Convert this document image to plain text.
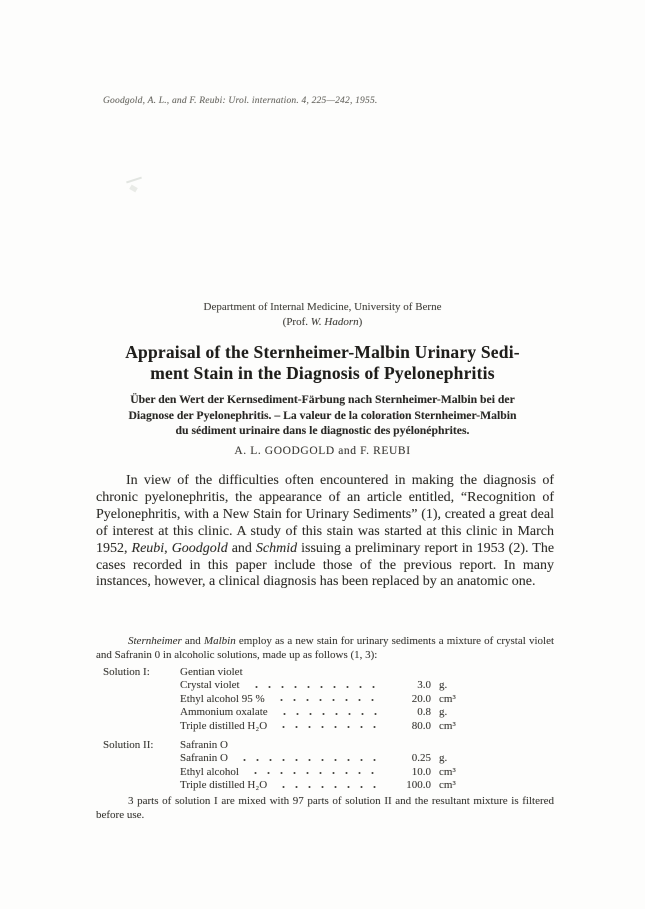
Goodgold, A. L., and F. Reubi: Urol. internation. 4, 225—242, 1955.
Department of Internal Medicine, University of Berne
(Prof. W. Hadorn)
Appraisal of the Sternheimer-Malbin Urinary Sedi-
ment Stain in the Diagnosis of Pyelonephritis
Über den Wert der Kernsediment-Färbung nach Sternheimer-Malbin bei der
Diagnose der Pyelonephritis. – La valeur de la coloration Sternheimer-Malbin
du sédiment urinaire dans le diagnostic des pyélonéphrites.
A. L. GOODGOLD and F. REUBI

In view of the difficulties often encountered in making the diagnosis of chronic pyelonephritis, the appearance of an article entitled, “Recognition of Pyelonephritis, with a New Stain for Urinary Sediments” (1), created a great deal of interest at this clinic. A study of this stain was started at this clinic in March 1952, Reubi, Goodgold and Schmid issuing a preliminary report in 1953 (2). The cases recorded in this paper include those of the previous report. In many instances, however, a clinical diagnosis has been replaced by an anatomic one.

Sternheimer and Malbin employ as a new stain for urinary sediments a mixture of crystal violet and Safranin 0 in alcoholic solutions, made up as follows (1, 3):

Solution I:	Gentian violet
Crystal violet	3.0 g.
Ethyl alcohol 95 %	20.0 cm³
Ammonium oxalate	0.8 g.
Triple distilled H₂O	80.0 cm³
Solution II:	Safranin O
Safranin O	0.25 g.
Ethyl alcohol	10.0 cm³
Triple distilled H₂O	100.0 cm³

3 parts of solution I are mixed with 97 parts of solution II and the resultant mixture is filtered before use.
